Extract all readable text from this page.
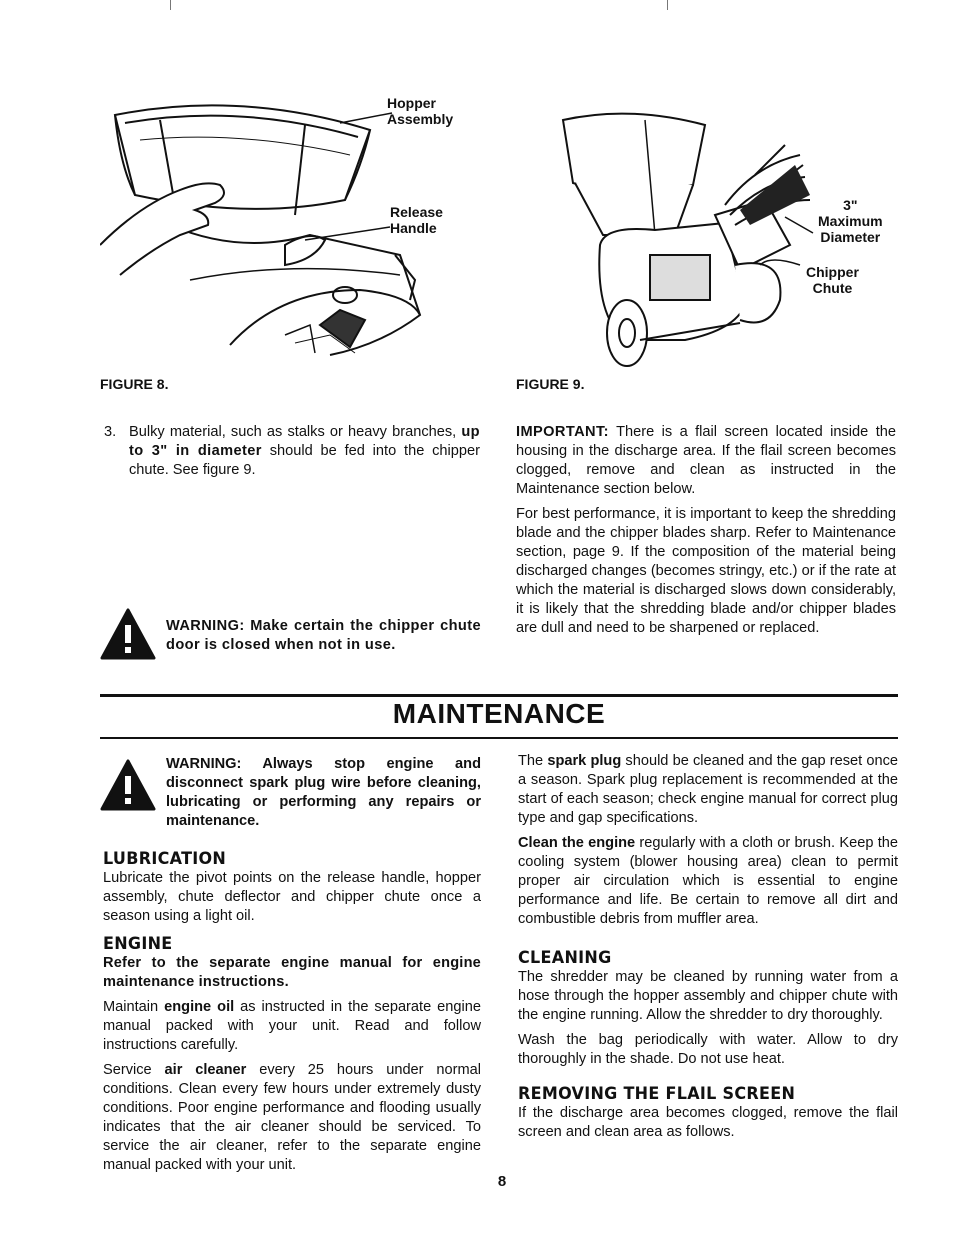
Hopper
Assembly
Release
Handle
FIGURE 8.
3"
Maximum
Diameter
Chipper
Chute
FIGURE 9.
3. Bulky material, such as stalks or heavy branches, up to 3" in diameter should be fed into the chipper chute. See figure 9.

WARNING: Make certain the chipper chute door is closed when not in use.

IMPORTANT: There is a flail screen located inside the housing in the discharge area. If the flail screen becomes clogged, remove and clean as instructed in the Maintenance section below.

For best performance, it is important to keep the shredding blade and the chipper blades sharp. Refer to Maintenance section, page 9. If the composition of the material being discharged changes (becomes stringy, etc.) or if the rate at which the material is discharged slows down considerably, it is likely that the shredding blade and/or chipper blades are dull and need to be sharpened or replaced.

MAINTENANCE
WARNING: Always stop engine and disconnect spark plug wire before cleaning, lubricating or performing any repairs or maintenance.
LUBRICATION

Lubricate the pivot points on the release handle, hopper assembly, chute deflector and chipper chute once a season using a light oil.

ENGINE

Refer to the separate engine manual for engine maintenance instructions.

Maintain engine oil as instructed in the separate engine manual packed with your unit. Read and follow instructions carefully.

Service air cleaner every 25 hours under normal conditions. Clean every few hours under extremely dusty conditions. Poor engine performance and flooding usually indicates that the air cleaner should be serviced. To service the air cleaner, refer to the separate engine manual packed with your unit.

The spark plug should be cleaned and the gap reset once a season. Spark plug replacement is recommended at the start of each season; check engine manual for correct plug type and gap specifications.

Clean the engine regularly with a cloth or brush. Keep the cooling system (blower housing area) clean to permit proper air circulation which is essential to engine performance and life. Be certain to remove all dirt and combustible debris from muffler area.

CLEANING

The shredder may be cleaned by running water from a hose through the hopper assembly and chipper chute with the engine running. Allow the shredder to dry thoroughly.

Wash the bag periodically with water. Allow to dry thoroughly in the shade. Do not use heat.

REMOVING THE FLAIL SCREEN

If the discharge area becomes clogged, remove the flail screen and clean area as follows.

8
